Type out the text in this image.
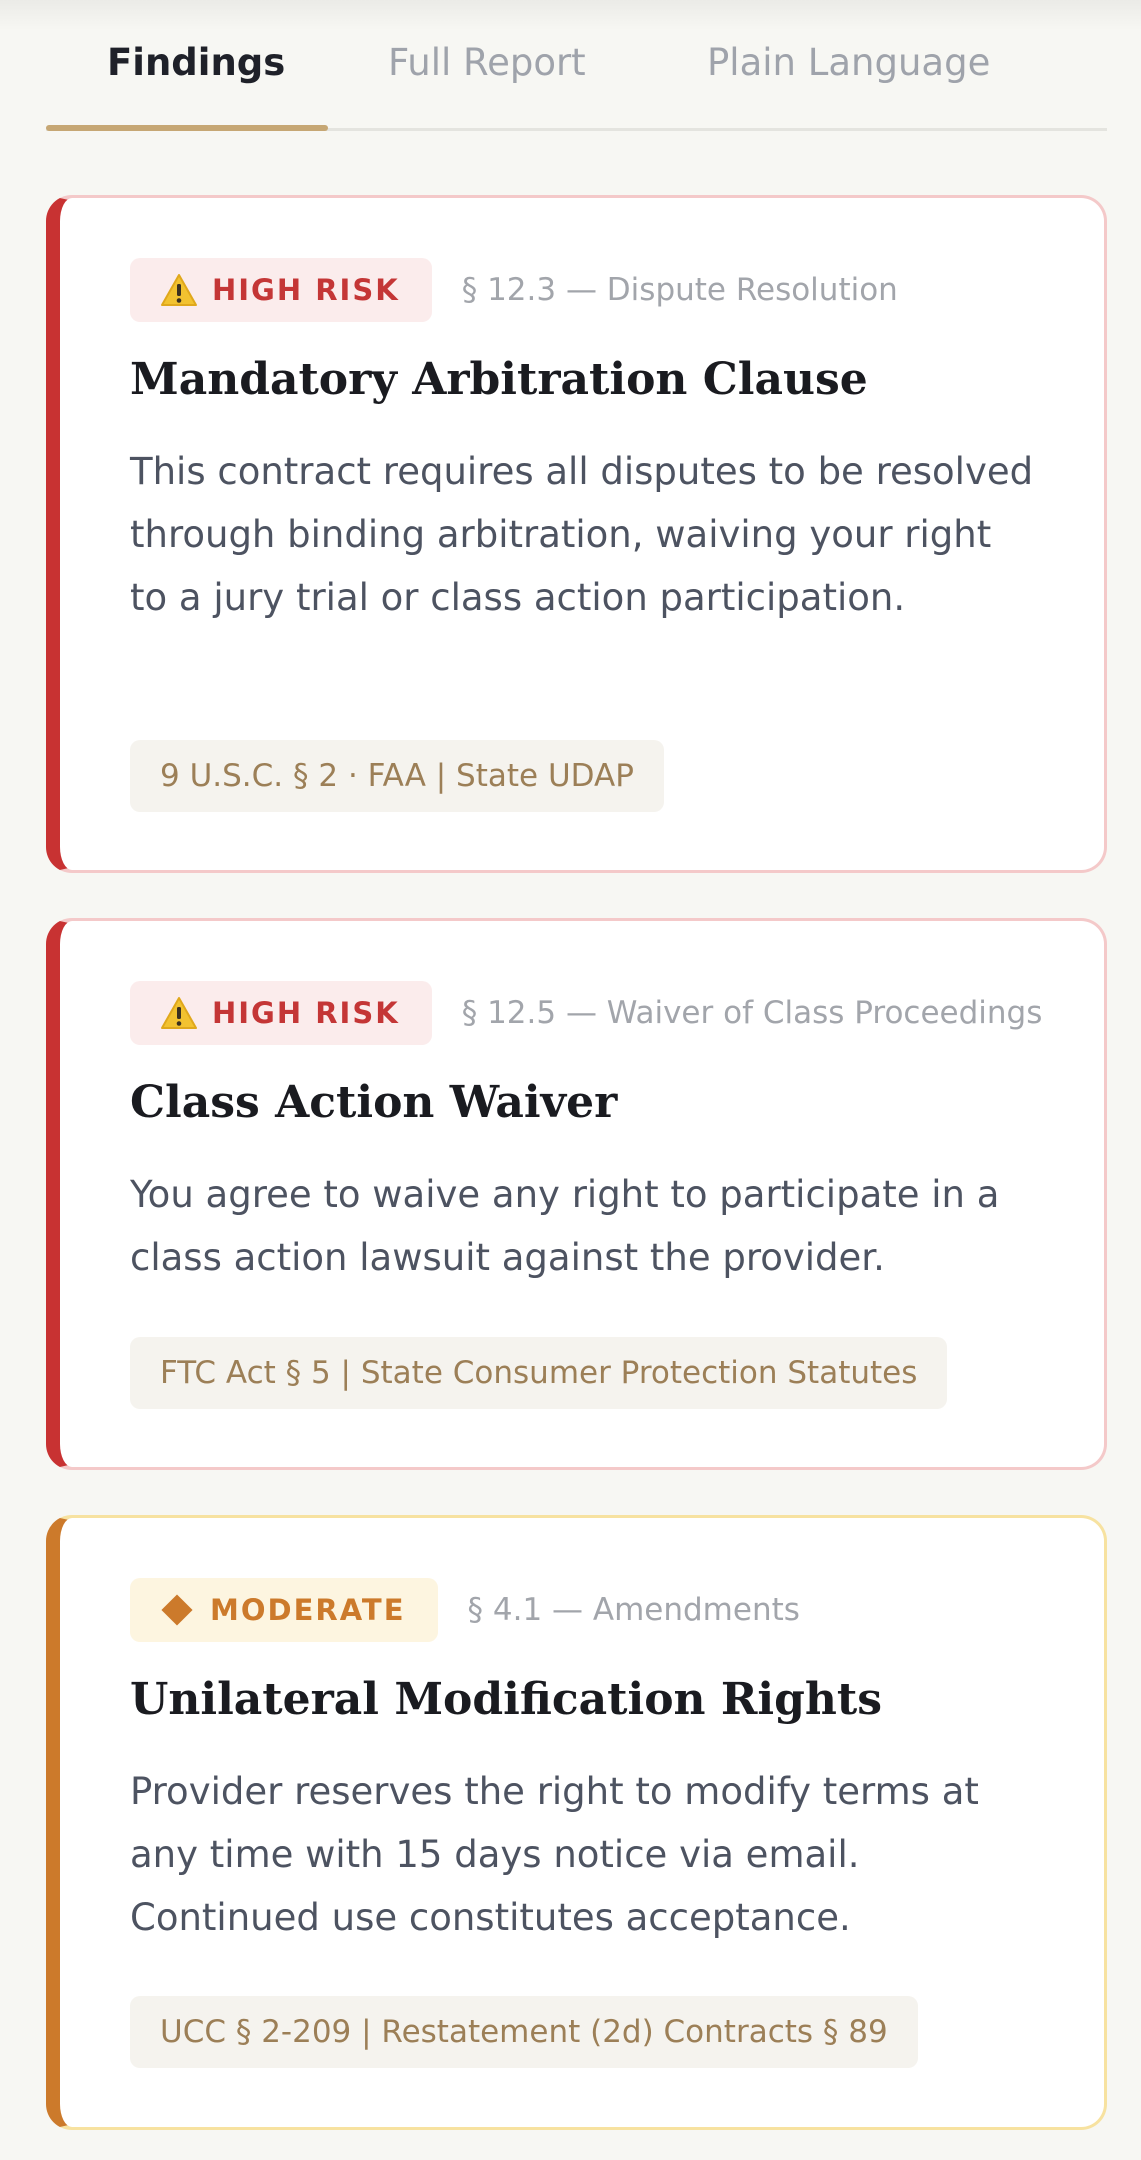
Findings	Full Report	Plain Language
HIGH RISK § 12.3 — Dispute Resolution
Mandatory Arbitration Clause
This contract requires all disputes to be resolved through binding arbitration, waiving your right to a jury trial or class action participation.
9 U.S.C. § 2 · FAA | State UDAP
HIGH RISK § 12.5 — Waiver of Class Proceedings
Class Action Waiver
You agree to waive any right to participate in a class action lawsuit against the provider.
FTC Act § 5 | State Consumer Protection Statutes
MODERATE § 4.1 — Amendments
Unilateral Modification Rights
Provider reserves the right to modify terms at any time with 15 days notice via email. Continued use constitutes acceptance.
UCC § 2-209 | Restatement (2d) Contracts § 89
